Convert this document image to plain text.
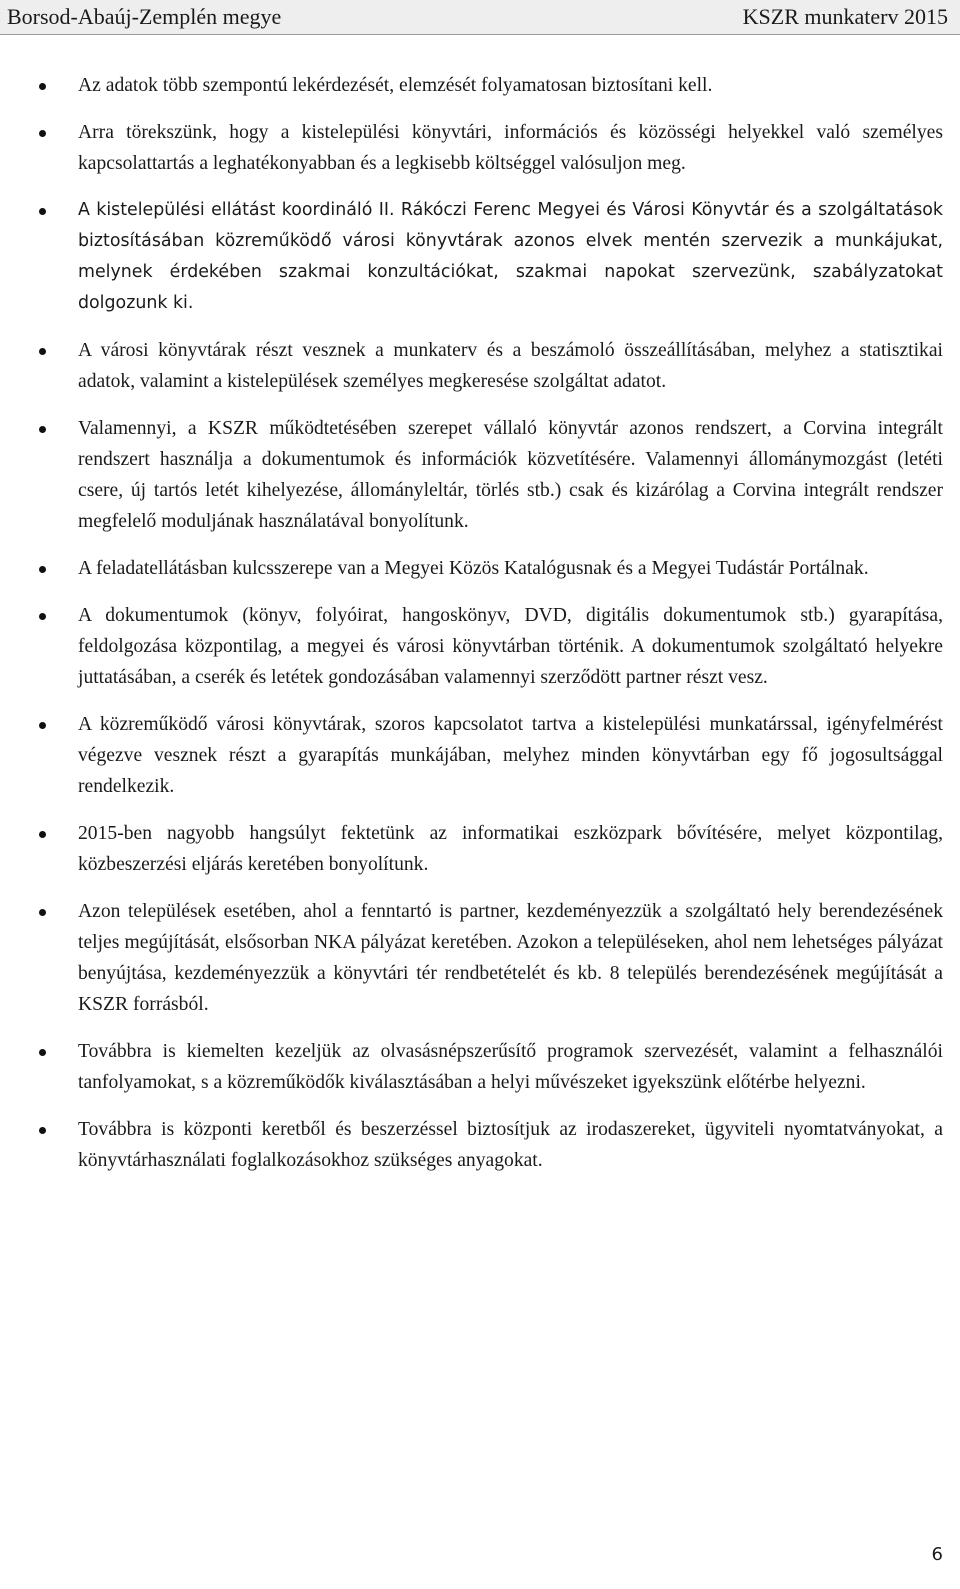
Borsod-Abaúj-Zemplén megye	KSZR munkaterv 2015
Az adatok több szempontú lekérdezését, elemzését folyamatosan biztosítani kell.
Arra törekszünk, hogy a kistelepülési könyvtári, információs és közösségi helyekkel való személyes kapcsolattartás a leghatékonyabban és a legkisebb költséggel valósuljon meg.
A kistelepülési ellátást koordináló II. Rákóczi Ferenc Megyei és Városi Könyvtár és a szolgáltatások biztosításában közreműködő városi könyvtárak azonos elvek mentén szervezik a munkájukat, melynek érdekében szakmai konzultációkat, szakmai napokat szervezünk, szabályzatokat dolgozunk ki.
A városi könyvtárak részt vesznek a munkaterv és a beszámoló összeállításában, melyhez a statisztikai adatok, valamint a kistelepülések személyes megkeresése szolgáltat adatot.
Valamennyi, a KSZR működtetésében szerepet vállaló könyvtár azonos rendszert, a Corvina integrált rendszert használja a dokumentumok és információk közvetítésére. Valamennyi állománymozgást (letéti csere, új tartós letét kihelyezése, állományleltár, törlés stb.) csak és kizárólag a Corvina integrált rendszer megfelelő moduljának használatával bonyolítunk.
A feladatellátásban kulcsszerepe van a Megyei Közös Katalógusnak és a Megyei Tudástár Portálnak.
A dokumentumok (könyv, folyóirat, hangoskönyv, DVD, digitális dokumentumok stb.) gyarapítása, feldolgozása központilag, a megyei és városi könyvtárban történik. A dokumentumok szolgáltató helyekre juttatásában, a cserék és letétek gondozásában valamennyi szerződött partner részt vesz.
A közreműködő városi könyvtárak, szoros kapcsolatot tartva a kistelepülési munkatárssal, igényfelmérést végezve vesznek részt a gyarapítás munkájában, melyhez minden könyvtárban egy fő jogosultsággal rendelkezik.
2015-ben nagyobb hangsúlyt fektetünk az informatikai eszközpark bővítésére, melyet központilag, közbeszerzési eljárás keretében bonyolítunk.
Azon települések esetében, ahol a fenntartó is partner, kezdeményezzük a szolgáltató hely berendezésének teljes megújítását, elsősorban NKA pályázat keretében. Azokon a településeken, ahol nem lehetséges pályázat benyújtása, kezdeményezzük a könyvtári tér rendbetételét és kb. 8 település berendezésének megújítását a KSZR forrásból.
Továbbra is kiemelten kezeljük az olvasásnépszerűsítő programok szervezését, valamint a felhasználói tanfolyamokat, s a közreműködők kiválasztásában a helyi művészeket igyekszünk előtérbe helyezni.
Továbbra is központi keretből és beszerzéssel biztosítjuk az irodaszereket, ügyviteli nyomtatványokat, a könyvtárhasználati foglalkozásokhoz szükséges anyagokat.
6
